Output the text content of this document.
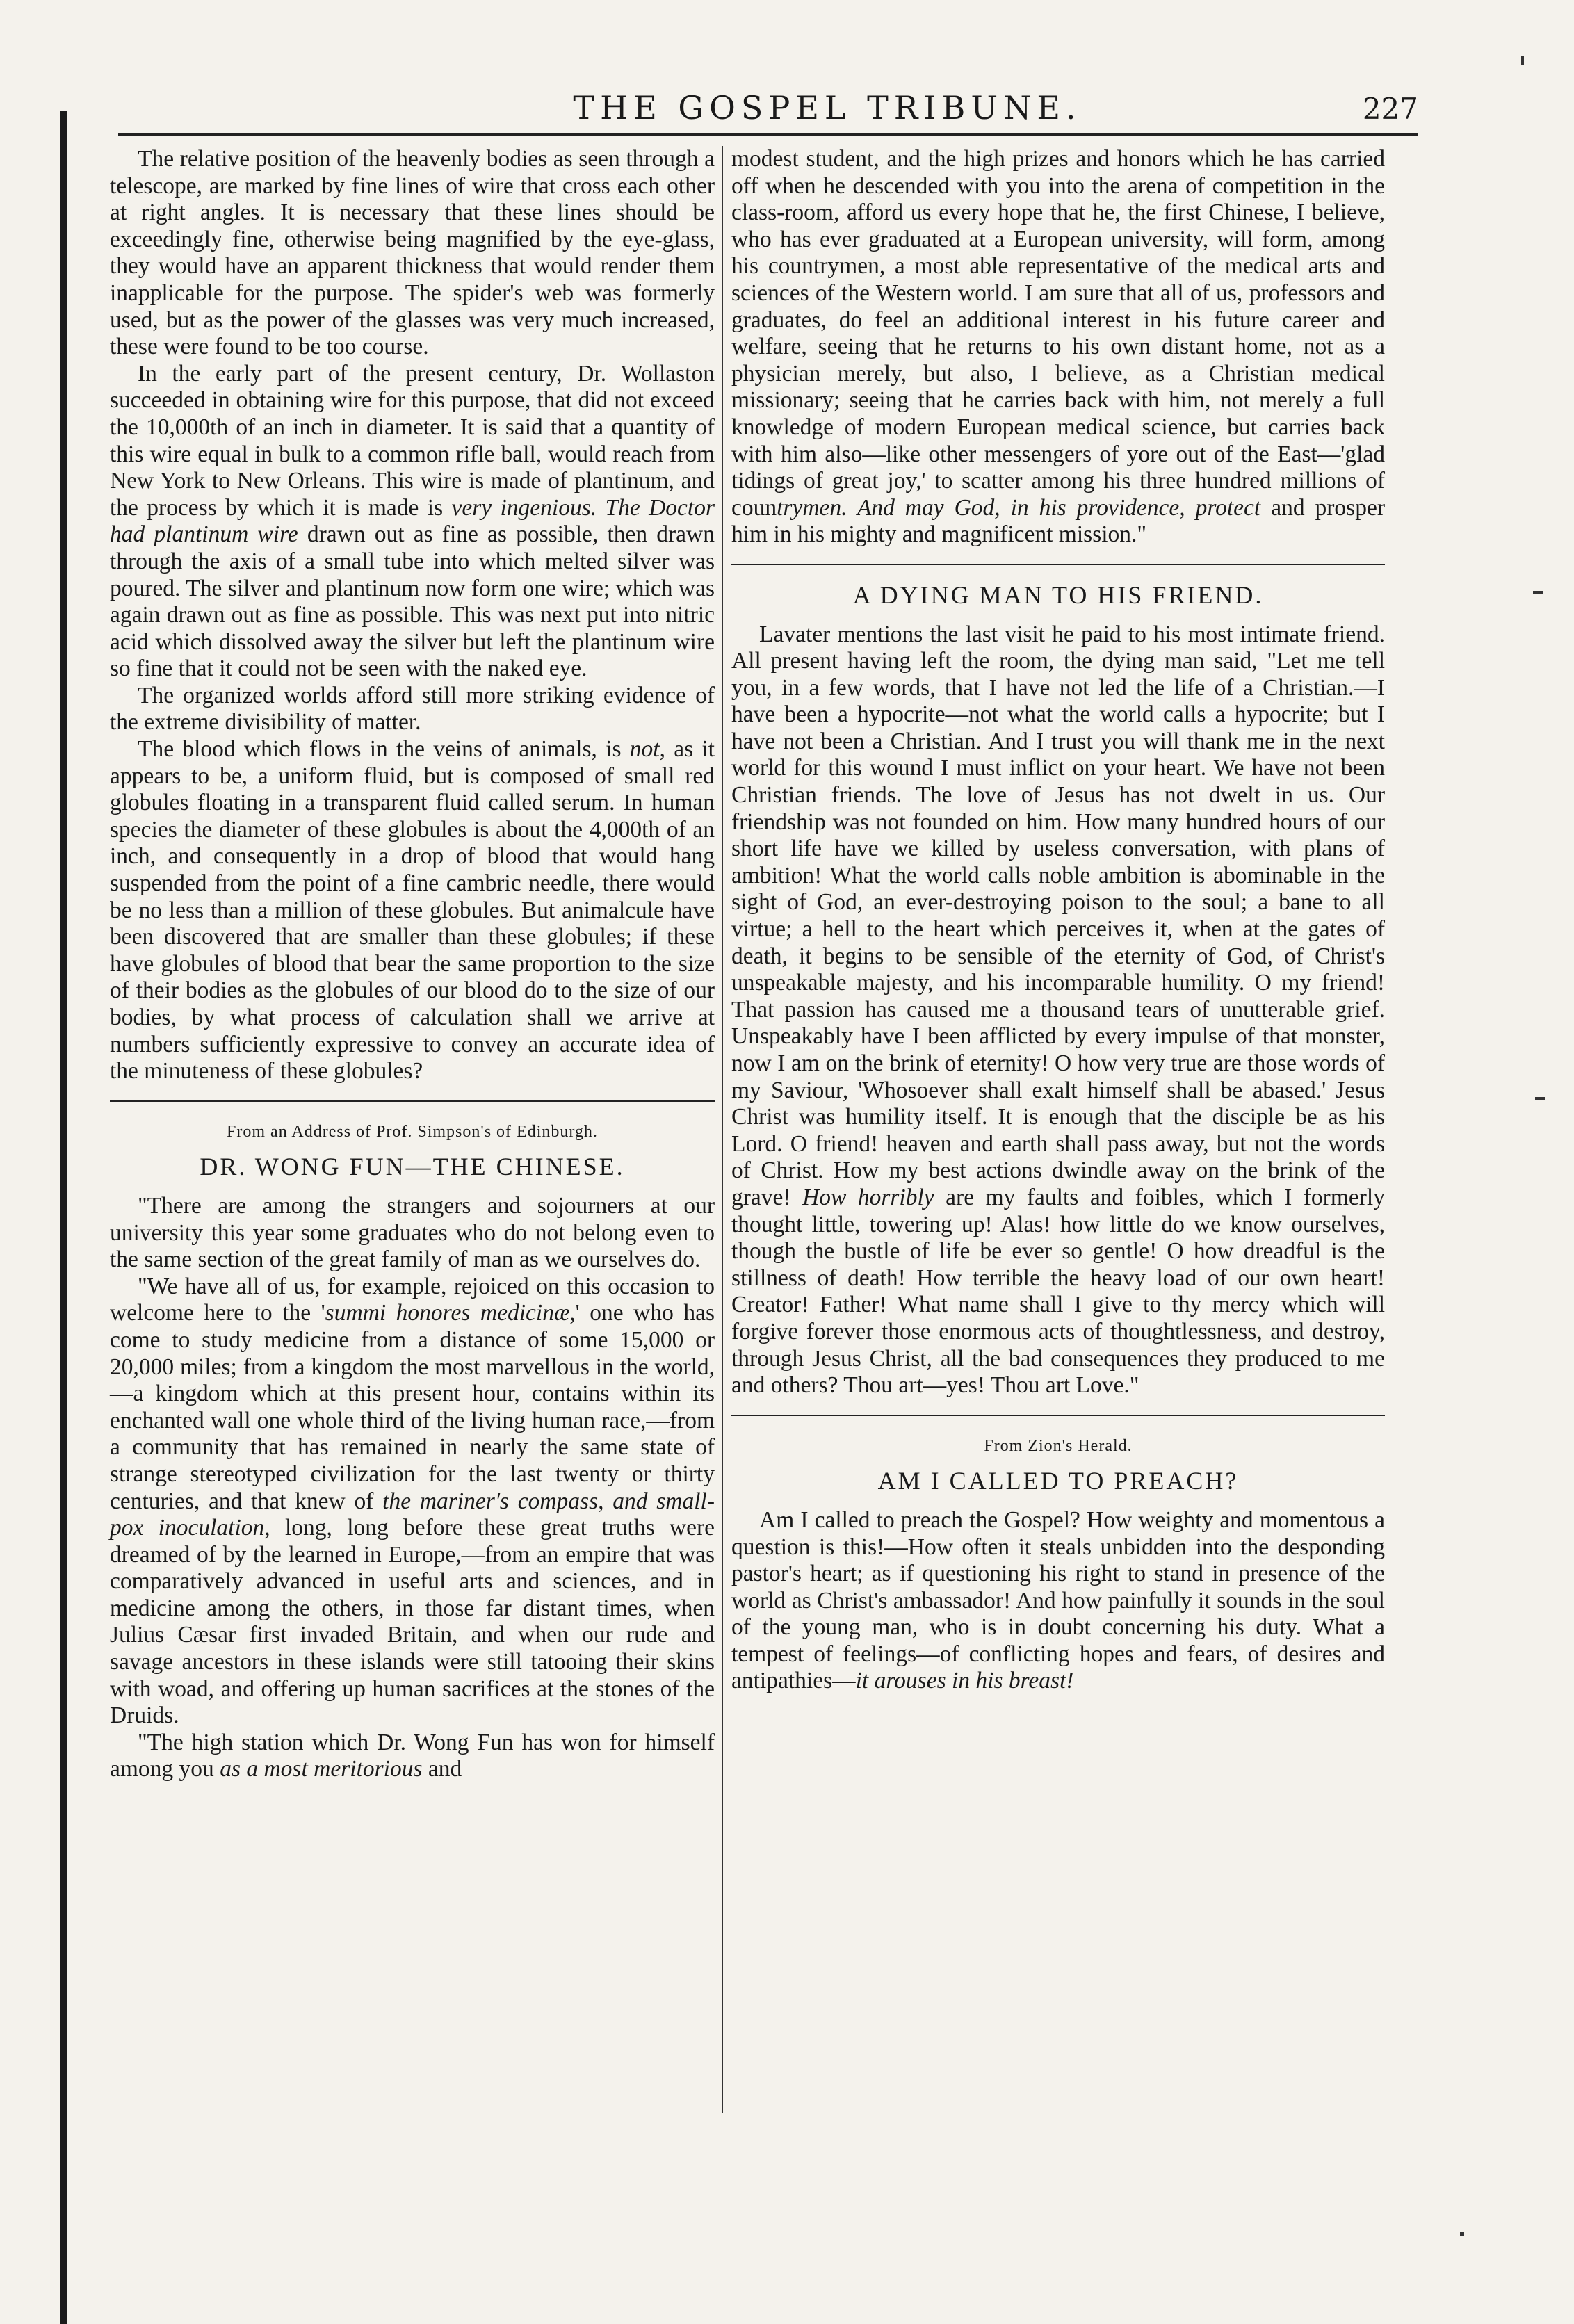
THE GOSPEL TRIBUNE.	227

The relative position of the heavenly bodies as seen through a telescope, are marked by fine lines of wire that cross each other at right angles. It is necessary that these lines should be exceedingly fine, otherwise being magnified by the eye-glass, they would have an apparent thickness that would render them inapplicable for the purpose. The spider's web was formerly used, but as the power of the glasses was very much increased, these were found to be too course.

In the early part of the present century, Dr. Wollaston succeeded in obtaining wire for this purpose, that did not exceed the 10,000th of an inch in diameter. It is said that a quantity of this wire equal in bulk to a common rifle ball, would reach from New York to New Orleans. This wire is made of plantinum, and the process by which it is made is very ingenious. The Doctor had plantinum wire drawn out as fine as possible, then drawn through the axis of a small tube into which melted silver was poured. The silver and plantinum now form one wire; which was again drawn out as fine as possible. This was next put into nitric acid which dissolved away the silver but left the plantinum wire so fine that it could not be seen with the naked eye.

The organized worlds afford still more striking evidence of the extreme divisibility of matter.

The blood which flows in the veins of animals, is not, as it appears to be, a uniform fluid, but is composed of small red globules floating in a transparent fluid called serum. In human species the diameter of these globules is about the 4,000th of an inch, and consequently in a drop of blood that would hang suspended from the point of a fine cambric needle, there would be no less than a million of these globules. But animalcule have been discovered that are smaller than these globules; if these have globules of blood that bear the same proportion to the size of their bodies as the globules of our blood do to the size of our bodies, by what process of calculation shall we arrive at numbers sufficiently expressive to convey an accurate idea of the minuteness of these globules?

From an Address of Prof. Simpson's of Edinburgh.
DR. WONG FUN—THE CHINESE.

"There are among the strangers and sojourners at our university this year some graduates who do not belong even to the same section of the great family of man as we ourselves do.

"We have all of us, for example, rejoiced on this occasion to welcome here to the 'summi honores medicinæ,' one who has come to study medicine from a distance of some 15,000 or 20,000 miles; from a kingdom the most marvellous in the world,—a kingdom which at this present hour, contains within its enchanted wall one whole third of the living human race,—from a community that has remained in nearly the same state of strange stereotyped civilization for the last twenty or thirty centuries, and that knew of the mariner's compass, and small-pox inoculation, long, long before these great truths were dreamed of by the learned in Europe,—from an empire that was comparatively advanced in useful arts and sciences, and in medicine among the others, in those far distant times, when Julius Cæsar first invaded Britain, and when our rude and savage ancestors in these islands were still tatooing their skins with woad, and offering up human sacrifices at the stones of the Druids.

"The high station which Dr. Wong Fun has won for himself among you as a most meritorious and

modest student, and the high prizes and honors which he has carried off when he descended with you into the arena of competition in the class-room, afford us every hope that he, the first Chinese, I believe, who has ever graduated at a European university, will form, among his countrymen, a most able representative of the medical arts and sciences of the Western world. I am sure that all of us, professors and graduates, do feel an additional interest in his future career and welfare, seeing that he returns to his own distant home, not as a physician merely, but also, I believe, as a Christian medical missionary; seeing that he carries back with him, not merely a full knowledge of modern European medical science, but carries back with him also—like other messengers of yore out of the East—'glad tidings of great joy,' to scatter among his three hundred millions of countrymen. And may God, in his providence, protect and prosper him in his mighty and magnificent mission."

A DYING MAN TO HIS FRIEND.

Lavater mentions the last visit he paid to his most intimate friend. All present having left the room, the dying man said, "Let me tell you, in a few words, that I have not led the life of a Christian.—I have been a hypocrite—not what the world calls a hypocrite; but I have not been a Christian. And I trust you will thank me in the next world for this wound I must inflict on your heart. We have not been Christian friends. The love of Jesus has not dwelt in us. Our friendship was not founded on him. How many hundred hours of our short life have we killed by useless conversation, with plans of ambition! What the world calls noble ambition is abominable in the sight of God, an ever-destroying poison to the soul; a bane to all virtue; a hell to the heart which perceives it, when at the gates of death, it begins to be sensible of the eternity of God, of Christ's unspeakable majesty, and his incomparable humility. O my friend! That passion has caused me a thousand tears of unutterable grief. Unspeakably have I been afflicted by every impulse of that monster, now I am on the brink of eternity! O how very true are those words of my Saviour, 'Whosoever shall exalt himself shall be abased.' Jesus Christ was humility itself. It is enough that the disciple be as his Lord. O friend! heaven and earth shall pass away, but not the words of Christ. How my best actions dwindle away on the brink of the grave! How horribly are my faults and foibles, which I formerly thought little, towering up! Alas! how little do we know ourselves, though the bustle of life be ever so gentle! O how dreadful is the stillness of death! How terrible the heavy load of our own heart! Creator! Father! What name shall I give to thy mercy which will forgive forever those enormous acts of thoughtlessness, and destroy, through Jesus Christ, all the bad consequences they produced to me and others? Thou art—yes! Thou art Love."

From Zion's Herald.
AM I CALLED TO PREACH?

Am I called to preach the Gospel? How weighty and momentous a question is this!—How often it steals unbidden into the desponding pastor's heart; as if questioning his right to stand in presence of the world as Christ's ambassador! And how painfully it sounds in the soul of the young man, who is in doubt concerning his duty. What a tempest of feelings—of conflicting hopes and fears, of desires and antipathies—it arouses in his breast!
